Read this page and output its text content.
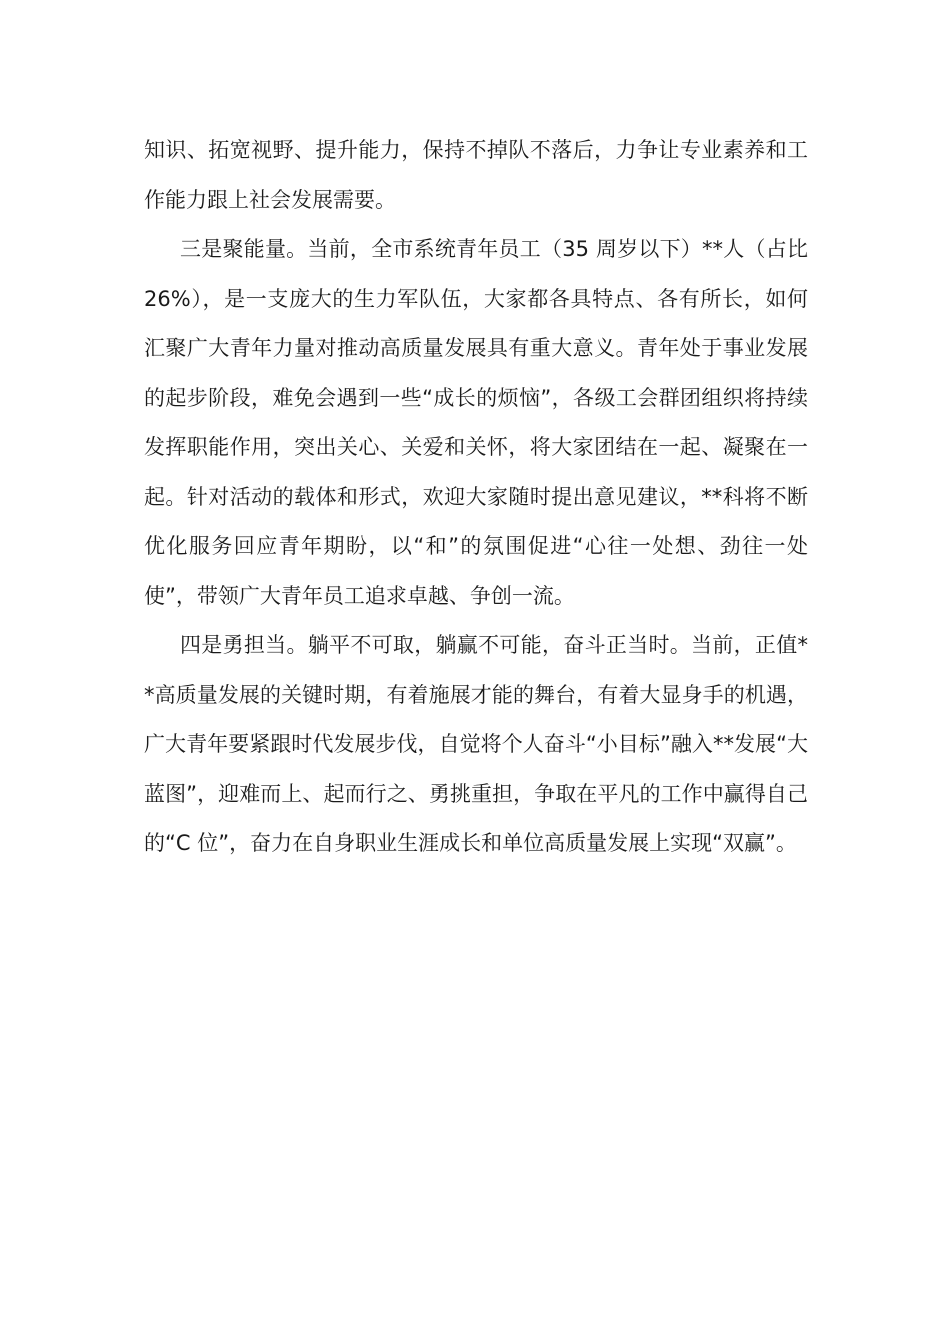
知识、拓宽视野、提升能力，保持不掉队不落后，力争让专业素养和工作能力跟上社会发展需要。

三是聚能量。当前，全市系统青年员工（35 周岁以下）**人（占比 26%），是一支庞大的生力军队伍，大家都各具特点、各有所长，如何汇聚广大青年力量对推动高质量发展具有重大意义。青年处于事业发展的起步阶段，难免会遇到一些“成长的烦恼”，各级工会群团组织将持续发挥职能作用，突出关心、关爱和关怀，将大家团结在一起、凝聚在一起。针对活动的载体和形式，欢迎大家随时提出意见建议，**科将不断优化服务回应青年期盼，以“和”的氛围促进“心往一处想、劲往一处使”，带领广大青年员工追求卓越、争创一流。

四是勇担当。躺平不可取，躺赢不可能，奋斗正当时。当前，正值**高质量发展的关键时期，有着施展才能的舞台，有着大显身手的机遇，广大青年要紧跟时代发展步伐，自觉将个人奋斗“小目标”融入**发展“大蓝图”，迎难而上、起而行之、勇挑重担，争取在平凡的工作中赢得自己的“C 位”，奋力在自身职业生涯成长和单位高质量发展上实现“双赢”。
